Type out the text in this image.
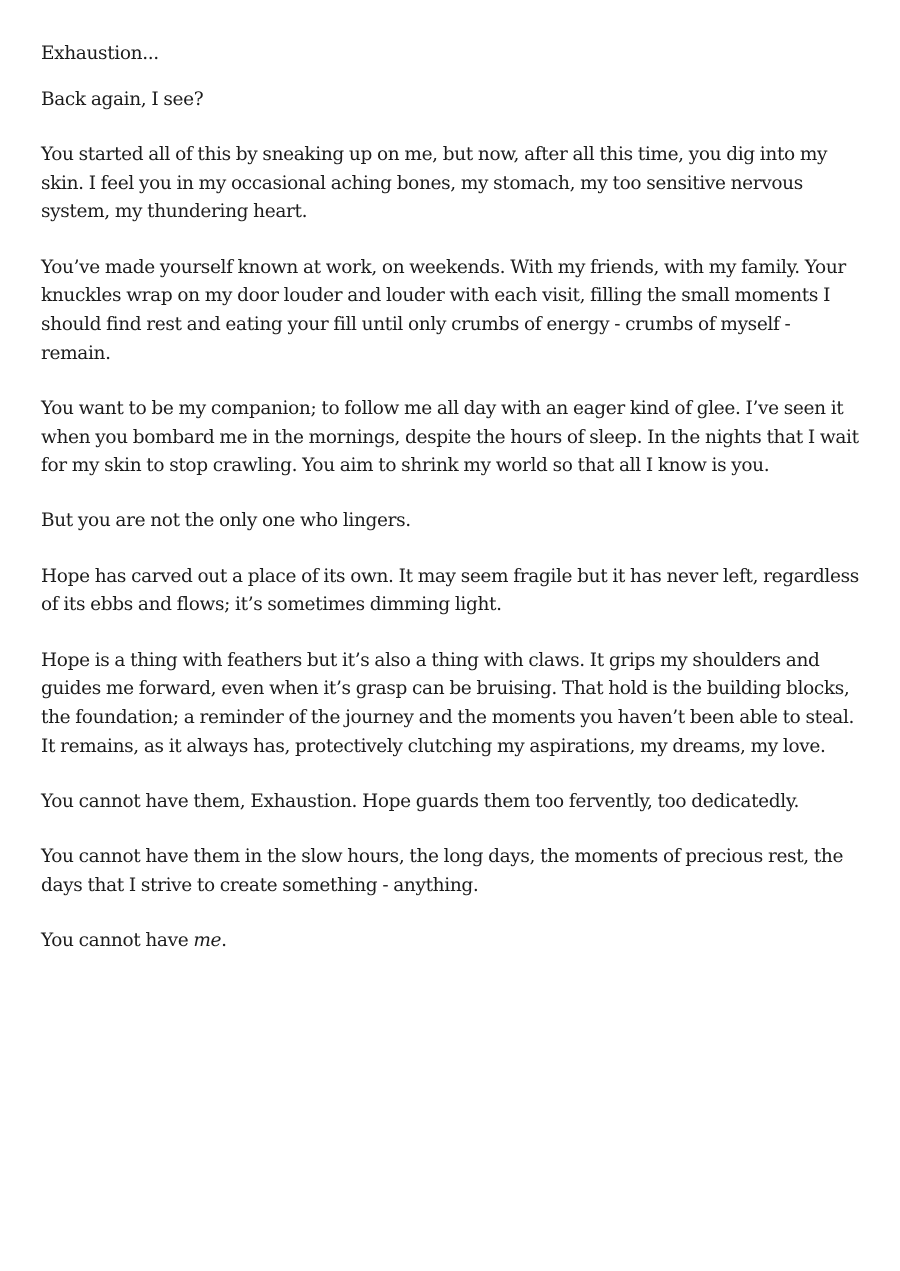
Exhaustion...

Back again, I see?

You started all of this by sneaking up on me, but now, after all this time, you dig into my skin. I feel you in my occasional aching bones, my stomach, my too sensitive nervous system, my thundering heart.

You’ve made yourself known at work, on weekends. With my friends, with my family. Your knuckles wrap on my door louder and louder with each visit, filling the small moments I should find rest and eating your fill until only crumbs of energy - crumbs of myself - remain.

You want to be my companion; to follow me all day with an eager kind of glee. I’ve seen it when you bombard me in the mornings, despite the hours of sleep. In the nights that I wait for my skin to stop crawling. You aim to shrink my world so that all I know is you.

But you are not the only one who lingers.

Hope has carved out a place of its own. It may seem fragile but it has never left, regardless of its ebbs and flows; it’s sometimes dimming light.

Hope is a thing with feathers but it’s also a thing with claws. It grips my shoulders and guides me forward, even when it’s grasp can be bruising. That hold is the building blocks, the foundation; a reminder of the journey and the moments you haven’t been able to steal. It remains, as it always has, protectively clutching my aspirations, my dreams, my love.

You cannot have them, Exhaustion. Hope guards them too fervently, too dedicatedly.

You cannot have them in the slow hours, the long days, the moments of precious rest, the days that I strive to create something - anything.

You cannot have me.
